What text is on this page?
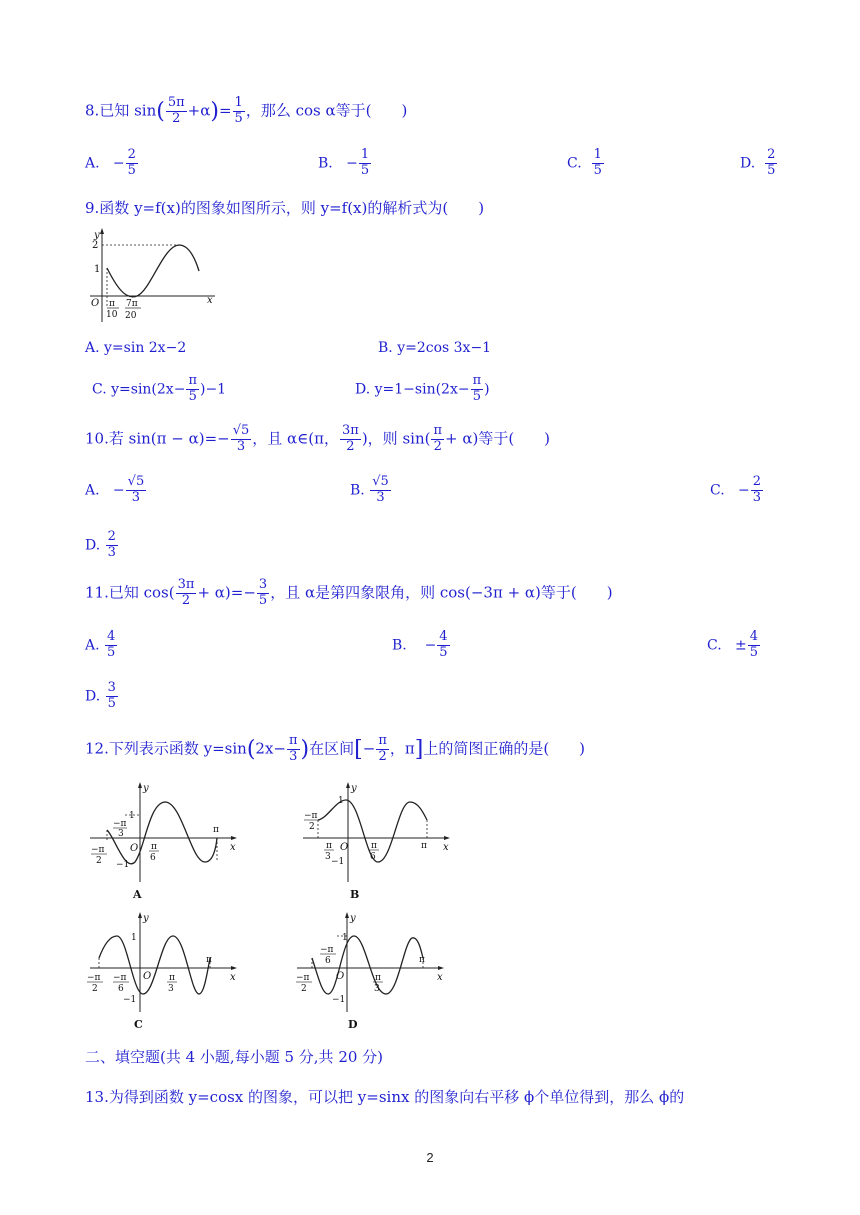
8.已知 $\sin( \frac{5\pi}{2} +\alpha)= \frac{1}{5}$ ，那么 cos α等于(　　)
A. − $\frac{2}{5}$	B. − $\frac{1}{5}$	C. $\frac{1}{5}$	D. $\frac{2}{5}$
9.函数 y=f(x)的图象如图所示，则 y=f(x)的解析式为(　　)
y
x
2
1
O π
10
7π
20
A. y=sin 2x−2	B. y=2cos 3x−1
C. $y=\sin(2x- \frac{\pi}{5} )-1$	D. $y=1-\sin(2x- \frac{\pi}{5}$ )
10.若 $\sin(\pi - \alpha)=- \frac{√5}{3}$ ，且 α∈(π， $\frac{3\pi}{2}$ )，则 $\sin( \frac{\pi}{2} + \alpha)$等于(　　)
A. − $\frac{√5}{3}$	B. $\frac{√5}{3}$	C. − $\frac{2}{3}$
D. $\frac{2}{3}$
11.已知 $\cos( \frac{3\pi}{2} + \alpha)=- \frac{3}{5}$ ，且 α是第四象限角，则 cos(−3π + α)等于(　　)
A. $\frac{4}{5}$	B. − $\frac{4}{5}$	C. ± $\frac{4}{5}$
D. $\frac{3}{5}$
12.下列表示函数 $y=\sin(2x- \frac{\pi}{3}$ )在区间[− $\frac{\pi}{2}$ ，π]上的简图正确的是(　　)
y
x
1
−1
O
−π
3
−π
2
π
6
π
A
y
x
1
−1
O
−π
2
π
3
π
6
π
B
y
x
1
−1
O
−π
2
−π
6
π
3
π
C
y
x
1
−1
O
−π
6
−π
2
π
3
π
D
二、填空题(共 4 小题,每小题 5 分,共 20 分)
13.为得到函数 y=cosx 的图象，可以把 y=sinx 的图象向右平移 ϕ个单位得到，那么 ϕ的
2
